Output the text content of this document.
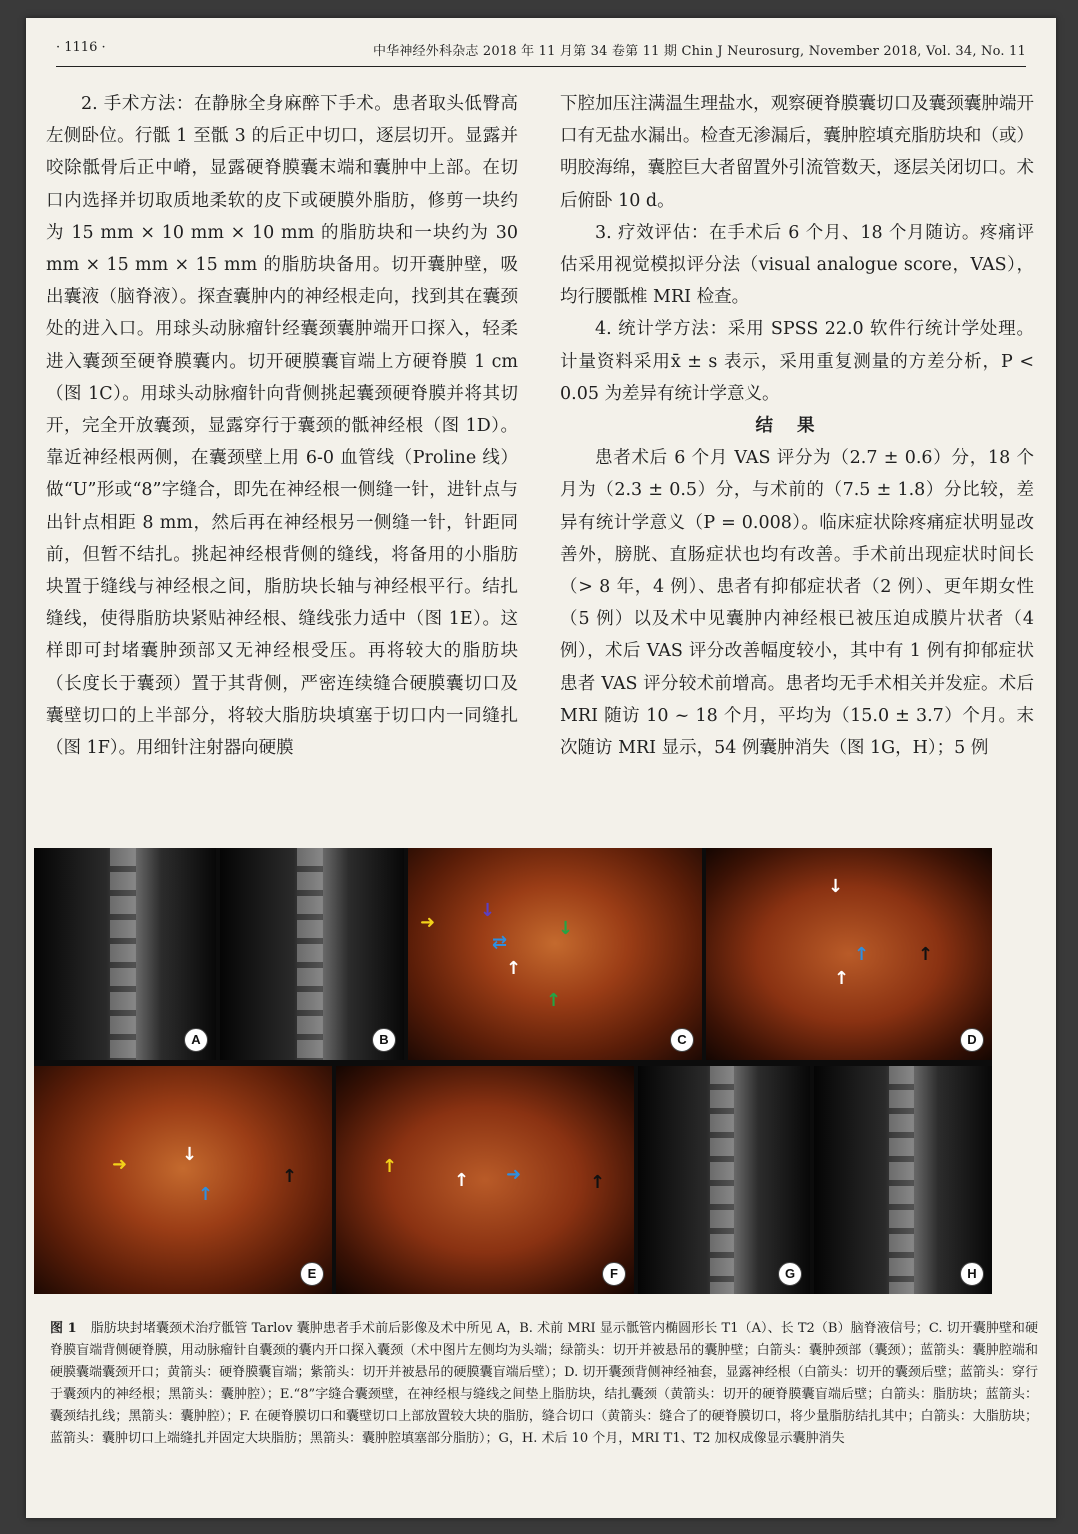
· 1116 ·	中华神经外科杂志 2018 年 11 月第 34 卷第 11 期 Chin J Neurosurg, November 2018, Vol. 34, No. 11

2. 手术方法：在静脉全身麻醉下手术。患者取头低臀高左侧卧位。行骶 1 至骶 3 的后正中切口，逐层切开。显露并咬除骶骨后正中嵴，显露硬脊膜囊末端和囊肿中上部。在切口内选择并切取质地柔软的皮下或硬膜外脂肪，修剪一块约为 15 mm × 10 mm × 10 mm 的脂肪块和一块约为 30 mm × 15 mm × 15 mm 的脂肪块备用。切开囊肿壁，吸出囊液（脑脊液）。探查囊肿内的神经根走向，找到其在囊颈处的进入口。用球头动脉瘤针经囊颈囊肿端开口探入，轻柔进入囊颈至硬脊膜囊内。切开硬膜囊盲端上方硬脊膜 1 cm（图 1C）。用球头动脉瘤针向背侧挑起囊颈硬脊膜并将其切开，完全开放囊颈，显露穿行于囊颈的骶神经根（图 1D）。靠近神经根两侧，在囊颈壁上用 6-0 血管线（Proline 线）做“U”形或“8”字缝合，即先在神经根一侧缝一针，进针点与出针点相距 8 mm，然后再在神经根另一侧缝一针，针距同前，但暂不结扎。挑起神经根背侧的缝线，将备用的小脂肪块置于缝线与神经根之间，脂肪块长轴与神经根平行。结扎缝线，使得脂肪块紧贴神经根、缝线张力适中（图 1E）。这样即可封堵囊肿颈部又无神经根受压。再将较大的脂肪块（长度长于囊颈）置于其背侧，严密连续缝合硬膜囊切口及囊壁切口的上半部分，将较大脂肪块填塞于切口内一同缝扎（图 1F）。用细针注射器向硬膜

下腔加压注满温生理盐水，观察硬脊膜囊切口及囊颈囊肿端开口有无盐水漏出。检查无渗漏后，囊肿腔填充脂肪块和（或）明胶海绵，囊腔巨大者留置外引流管数天，逐层关闭切口。术后俯卧 10 d。

3. 疗效评估：在手术后 6 个月、18 个月随访。疼痛评估采用视觉模拟评分法（visual analogue score，VAS），均行腰骶椎 MRI 检查。

4. 统计学方法：采用 SPSS 22.0 软件行统计学处理。计量资料采用x̄ ± s 表示，采用重复测量的方差分析，P < 0.05 为差异有统计学意义。

结果

患者术后 6 个月 VAS 评分为（2.7 ± 0.6）分，18 个月为（2.3 ± 0.5）分，与术前的（7.5 ± 1.8）分比较，差异有统计学意义（P = 0.008）。临床症状除疼痛症状明显改善外，膀胱、直肠症状也均有改善。手术前出现症状时间长（> 8 年，4 例）、患者有抑郁症状者（2 例）、更年期女性（5 例）以及术中见囊肿内神经根已被压迫成膜片状者（4 例），术后 VAS 评分改善幅度较小，其中有 1 例有抑郁症状患者 VAS 评分较术前增高。患者均无手术相关并发症。术后 MRI 随访 10 ~ 18 个月，平均为（15.0 ± 3.7）个月。末次随访 MRI 显示，54 例囊肿消失（图 1G，H）；5 例

A	B
➜
↓
⇄
↑
↓
↑
C
↓
↑
↑
↑
D
➜	↓
↑
↑
E
↑
↑ ➜	↑
F	G	H
图 1 脂肪块封堵囊颈术治疗骶管 Tarlov 囊肿患者手术前后影像及术中所见 A，B. 术前 MRI 显示骶管内椭圆形长 T1（A）、长 T2（B）脑脊液信号；C. 切开囊肿壁和硬脊膜盲端背侧硬脊膜，用动脉瘤针自囊颈的囊内开口探入囊颈（术中图片左侧均为头端；绿箭头：切开并被悬吊的囊肿壁；白箭头：囊肿颈部（囊颈）；蓝箭头：囊肿腔端和硬膜囊端囊颈开口；黄箭头：硬脊膜囊盲端；紫箭头：切开并被悬吊的硬膜囊盲端后壁）；D. 切开囊颈背侧神经袖套，显露神经根（白箭头：切开的囊颈后壁；蓝箭头：穿行于囊颈内的神经根；黑箭头：囊肿腔）；E.“8”字缝合囊颈壁，在神经根与缝线之间垫上脂肪块，结扎囊颈（黄箭头：切开的硬脊膜囊盲端后壁；白箭头：脂肪块；蓝箭头：囊颈结扎线；黑箭头：囊肿腔）；F. 在硬脊膜切口和囊壁切口上部放置较大块的脂肪，缝合切口（黄箭头：缝合了的硬脊膜切口，将少量脂肪结扎其中；白箭头：大脂肪块；蓝箭头：囊肿切口上端缝扎并固定大块脂肪；黑箭头：囊肿腔填塞部分脂肪）；G，H. 术后 10 个月，MRI T1、T2 加权成像显示囊肿消失
